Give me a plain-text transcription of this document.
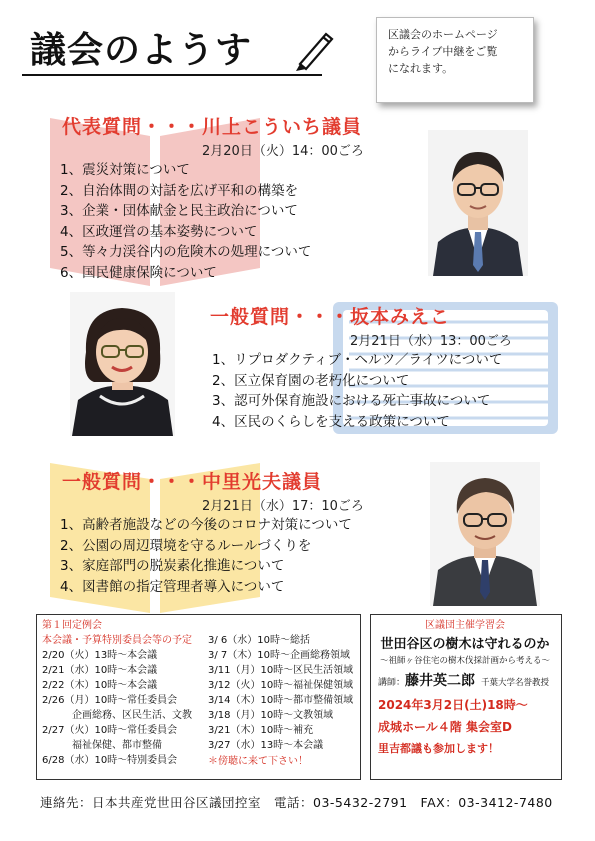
議会のようす	区議会のホームページ
からライブ中継をご覧
になれます。
代表質問・・・川上こういち議員
2月20日（火）14：00ごろ
1、震災対策について
2、自治体間の対話を広げ平和の構築を
3、企業・団体献金と民主政治について
4、区政運営の基本姿勢について
5、等々力渓谷内の危険木の処理について
6、国民健康保険について
一般質問・・・坂本みえこ
2月21日（水）13：00ごろ
1、リプロダクティブ・ヘルツ／ライツについて
2、区立保育園の老朽化について
3、認可外保育施設における死亡事故について
4、区民のくらしを支える政策について
一般質問・・・中里光夫議員
2月21日（水）17：10ごろ
1、高齢者施設などの今後のコロナ対策について
2、公園の周辺環境を守るルールづくりを
3、家庭部門の脱炭素化推進について
4、図書館の指定管理者導入について
第１回定例会
本会議・予算特別委員会等の予定
2/20（火）13時〜本会議
2/21（水）10時〜本会議
2/22（木）10時〜本会議
2/26（月）10時〜常任委員会
　　　企画総務、区民生活、文教
2/27（火）10時〜常任委員会
　　　福祉保健、都市整備
6/28（水）10時〜特別委員会
3/ 6（水）10時〜総括
3/ 7（木）10時〜企画総務領域
3/11（月）10時〜区民生活領域
3/12（火）10時〜福祉保健領域
3/14（木）10時〜都市整備領域
3/18（月）10時〜文教領域
3/21（木）10時〜補充
3/27（水）13時〜本会議
＊傍聴に来て下さい！
区議団主催学習会
世田谷区の樹木は守れるのか
〜祖師ヶ谷住宅の樹木伐採計画から考える〜
講師：藤井英二郎 千葉大学名誉教授
2024年3月2日(土)18時〜
成城ホール４階 集会室D
里吉都議も参加します！
連絡先：日本共産党世田谷区議団控室　電話：03-5432-2791　FAX：03-3412-7480
